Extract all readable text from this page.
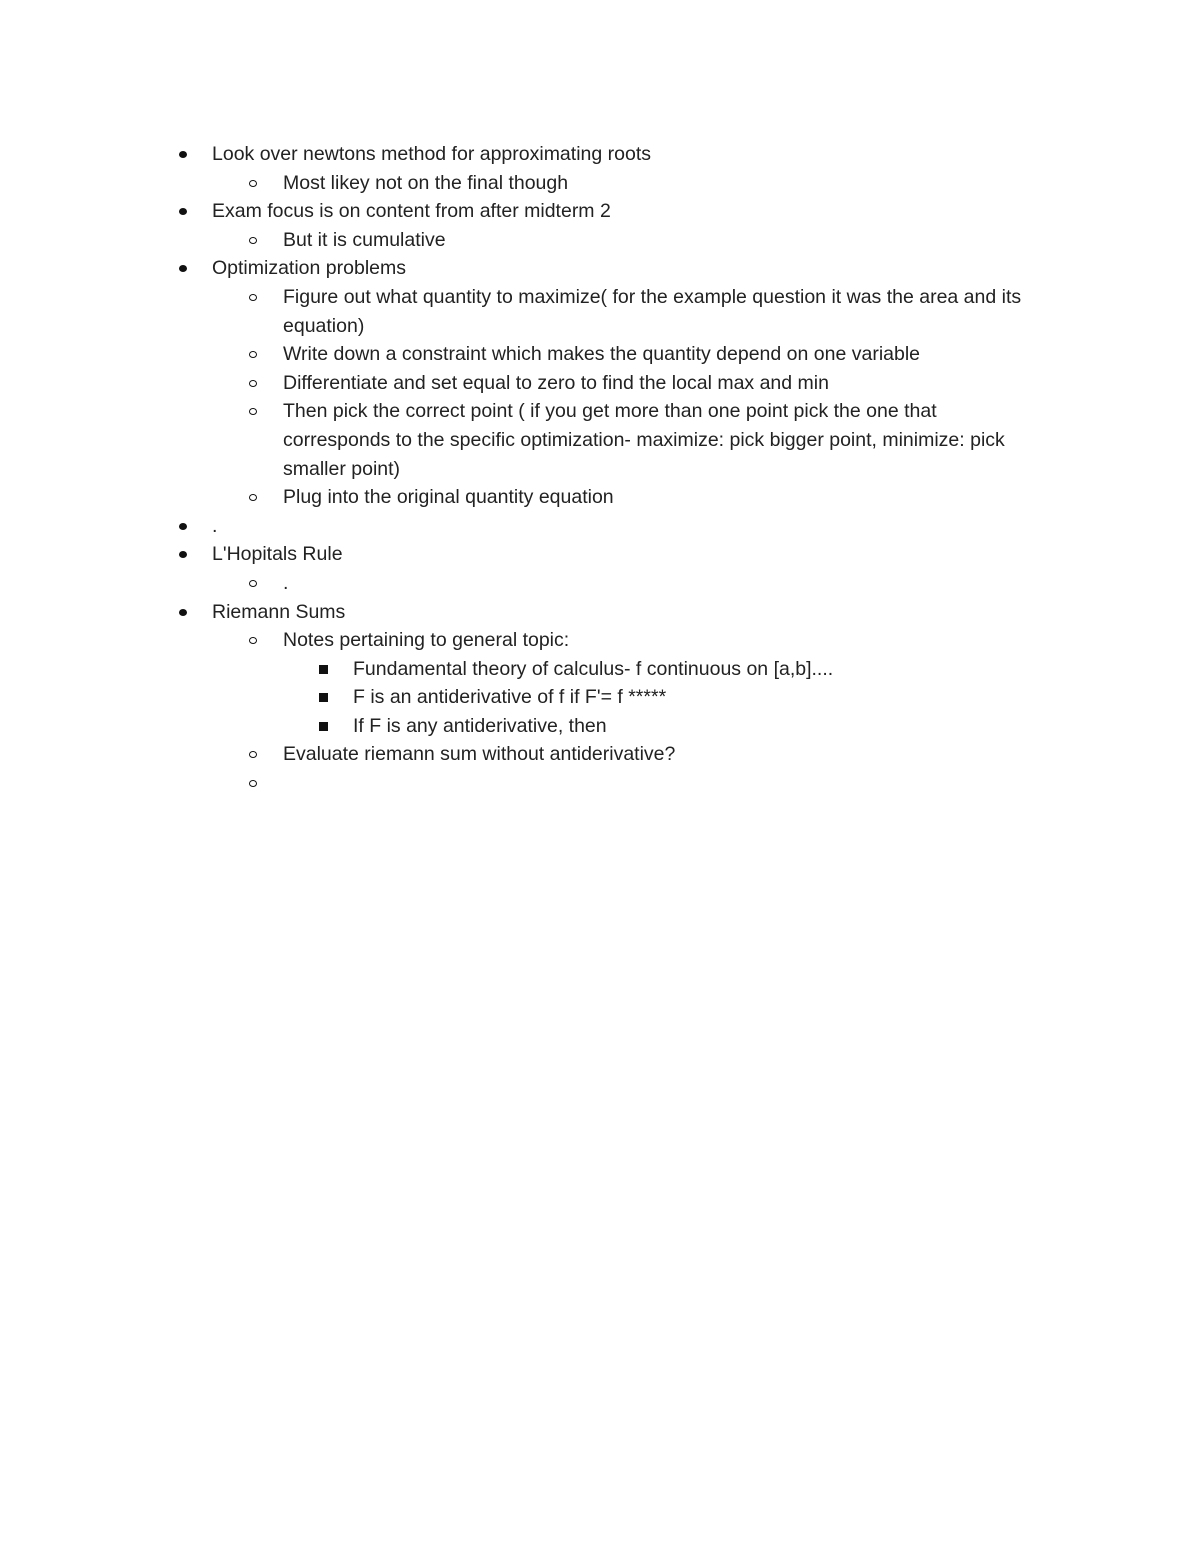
Look over newtons method for approximating roots
Most likey not on the final though
Exam focus is on content from after midterm 2
But it is cumulative
Optimization problems
Figure out what quantity to maximize( for the example question it was the area and its equation)
Write down a constraint which makes the quantity depend on one variable
Differentiate and set equal to zero to find the local max and min
Then pick the correct point ( if you get more than one point pick the one that corresponds to the specific optimization- maximize: pick bigger point, minimize: pick smaller point)
Plug into the original quantity equation
.
L'Hopitals Rule
.
Riemann Sums
Notes pertaining to general topic:
Fundamental theory of calculus- f continuous on [a,b]....
F is an antiderivative of f if F'= f *****
If F is any antiderivative, then
Evaluate riemann sum without antiderivative?
